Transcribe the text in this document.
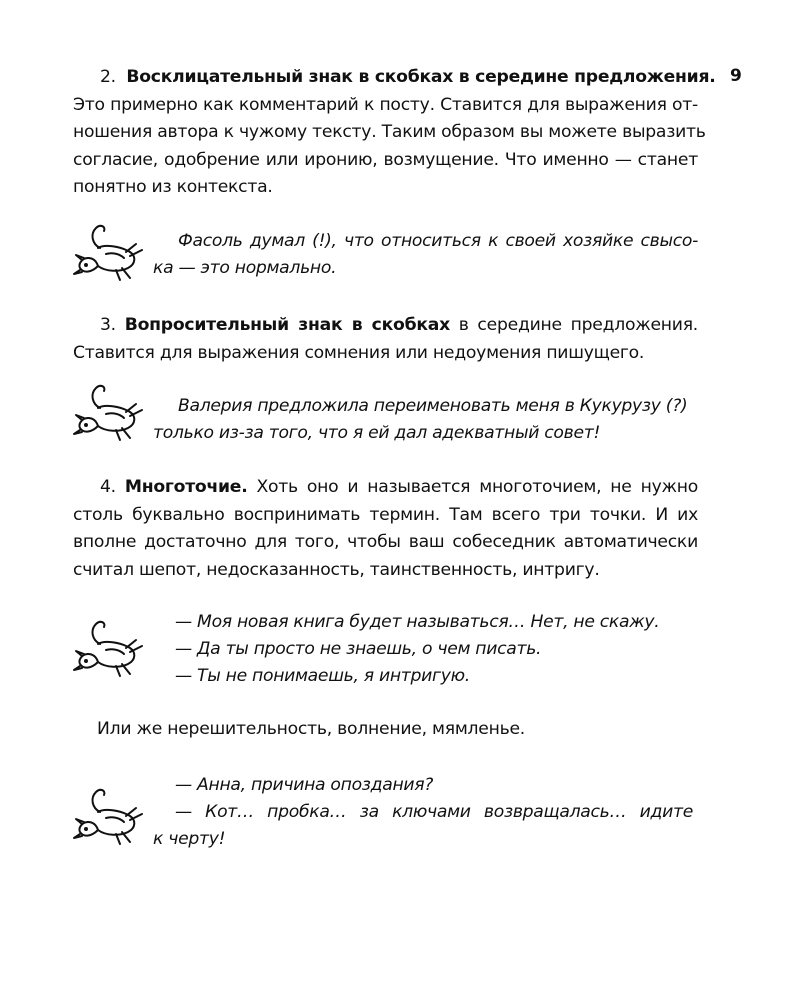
9
2. Восклицательный знак в скобках в середине предложения.
Это примерно как комментарий к посту. Ставится для выражения от-
ношения автора к чужому тексту. Таким образом вы можете выразить
согласие, одобрение или иронию, возмущение. Что именно — станет
понятно из контекста.
Фасоль думал (!), что относиться к своей хозяйке свысо-
ка — это нормально.
3. Вопросительный знак в скобках в середине предложения.
Ставится для выражения сомнения или недоумения пишущего.
Валерия предложила переименовать меня в Кукурузу (?)
только из-за того, что я ей дал адекватный совет!
4. Многоточие. Хоть оно и называется многоточием, не нужно
столь буквально воспринимать термин. Там всего три точки. И их
вполне достаточно для того, чтобы ваш собеседник автоматически
считал шепот, недосказанность, таинственность, интригу.
— Моя новая книга будет называться… Нет, не скажу.
— Да ты просто не знаешь, о чем писать.
— Ты не понимаешь, я интригую.
Или же нерешительность, волнение, мямленье.
— Анна, причина опоздания?
— Кот… пробка… за ключами возвращалась… идите
к черту!
